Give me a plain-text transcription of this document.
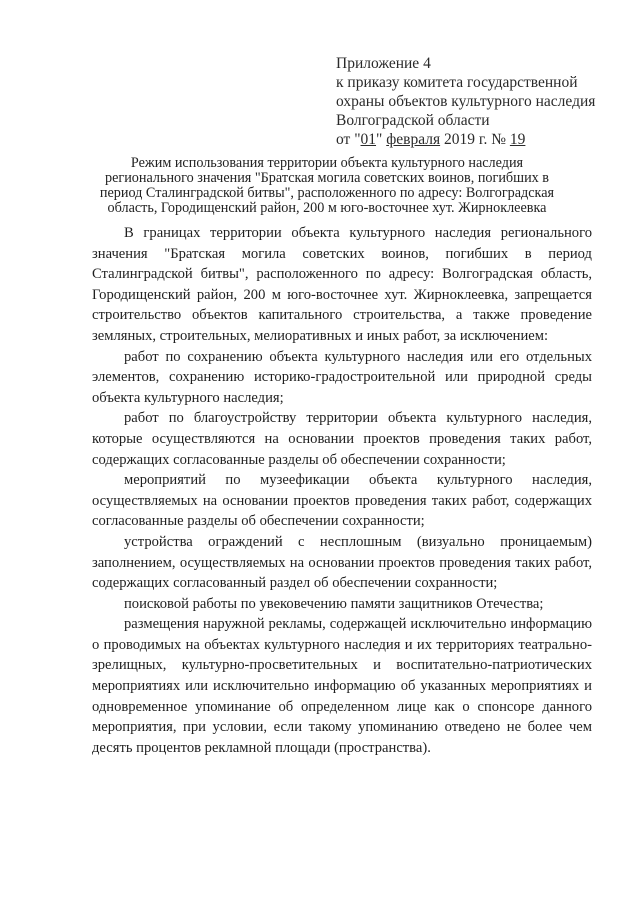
Приложение 4
к приказу комитета государственной
охраны объектов культурного наследия
Волгоградской области
от "01" февраля 2019 г. № 19
Режим использования территории объекта культурного наследия регионального значения "Братская могила советских воинов, погибших в период Сталинградской битвы", расположенного по адресу: Волгоградская область, Городищенский район, 200 м юго-восточнее хут. Жирноклеевка

В границах территории объекта культурного наследия регионального значения "Братская могила советских воинов, погибших в период Сталинградской битвы", расположенного по адресу: Волгоградская область, Городищенский район, 200 м юго-восточнее хут. Жирноклеевка, запрещается строительство объектов капитального строительства, а также проведение земляных, строительных, мелиоративных и иных работ, за исключением:

работ по сохранению объекта культурного наследия или его отдельных элементов, сохранению историко-градостроительной или природной среды объекта культурного наследия;

работ по благоустройству территории объекта культурного наследия, которые осуществляются на основании проектов проведения таких работ, содержащих согласованные разделы об обеспечении сохранности;

мероприятий по музеефикации объекта культурного наследия, осуществляемых на основании проектов проведения таких работ, содержащих согласованные разделы об обеспечении сохранности;

устройства ограждений с несплошным (визуально проницаемым) заполнением, осуществляемых на основании проектов проведения таких работ, содержащих согласованный раздел об обеспечении сохранности;

поисковой работы по увековечению памяти защитников Отечества;

размещения наружной рекламы, содержащей исключительно информацию о проводимых на объектах культурного наследия и их территориях театрально-зрелищных, культурно-просветительных и воспитательно-патриотических мероприятиях или исключительно информацию об указанных мероприятиях и одновременное упоминание об определенном лице как о спонсоре данного мероприятия, при условии, если такому упоминанию отведено не более чем десять процентов рекламной площади (пространства).
